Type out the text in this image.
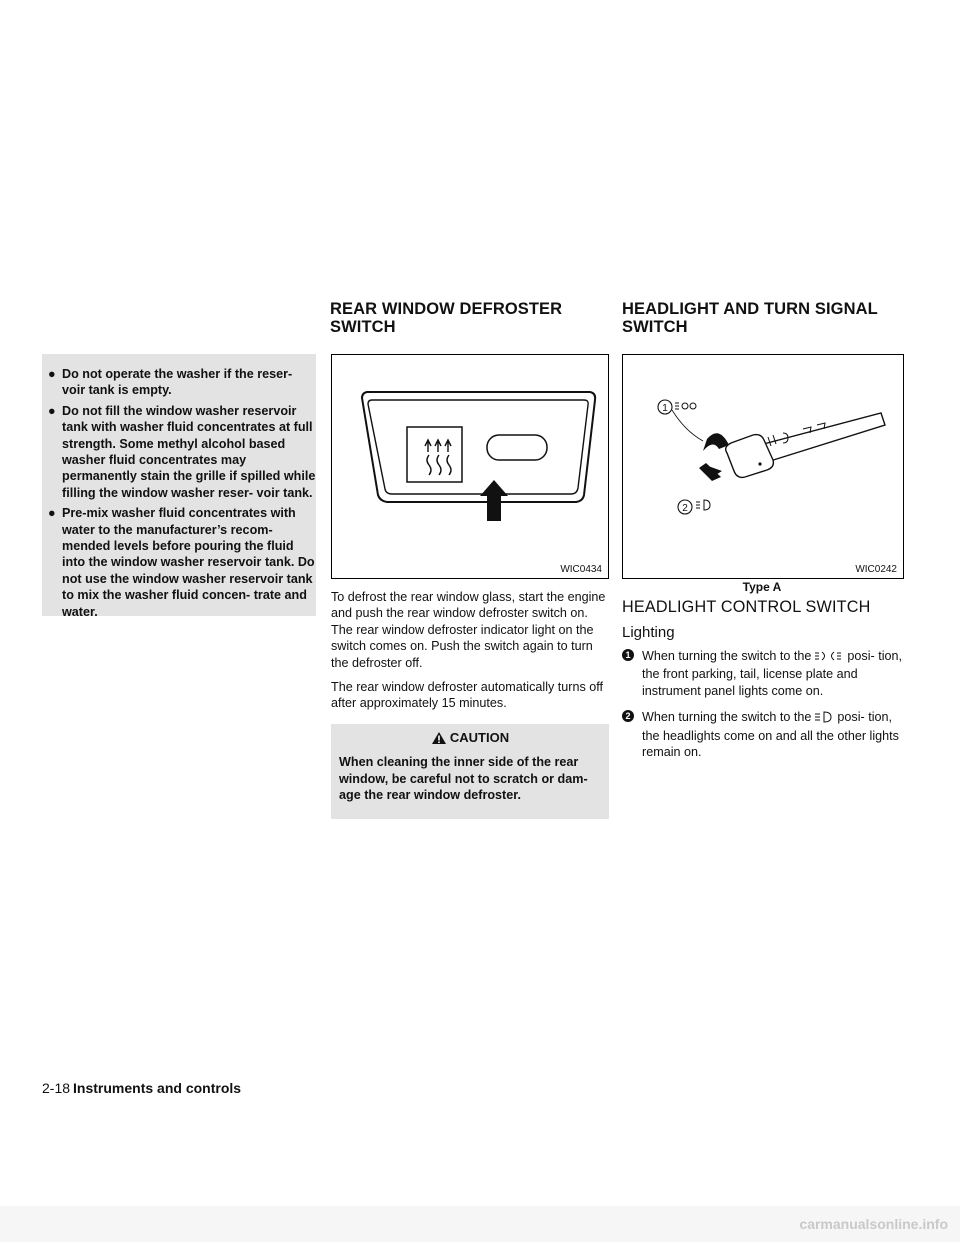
● Do not operate the washer if the reser- voir tank is empty.
● Do not fill the window washer reservoir tank with washer fluid concentrates at full strength. Some methyl alcohol based washer fluid concentrates may permanently stain the grille if spilled while filling the window washer reser- voir tank.
● Pre-mix washer fluid concentrates with water to the manufacturer’s recom- mended levels before pouring the fluid into the window washer reservoir tank. Do not use the window washer reservoir tank to mix the washer fluid concen- trate and water.
REAR WINDOW DEFROSTER
SWITCH
HEADLIGHT AND TURN SIGNAL
SWITCH
WIC0434
1
2
WIC0242
Type A

To defrost the rear window glass, start the engine and push the rear window defroster switch on. The rear window defroster indicator light on the switch comes on. Push the switch again to turn the defroster off.

The rear window defroster automatically turns off after approximately 15 minutes.

CAUTION

When cleaning the inner side of the rear window, be careful not to scratch or dam- age the rear window defroster.

HEADLIGHT CONTROL SWITCH
Lighting
1 When turning the switch to the	posi- tion, the front parking, tail, license plate and instrument panel lights come on.
2 When turning the switch to the posi- tion, the headlights come on and all the other lights remain on.
2-18 Instruments and controls
carmanualsonline.info
